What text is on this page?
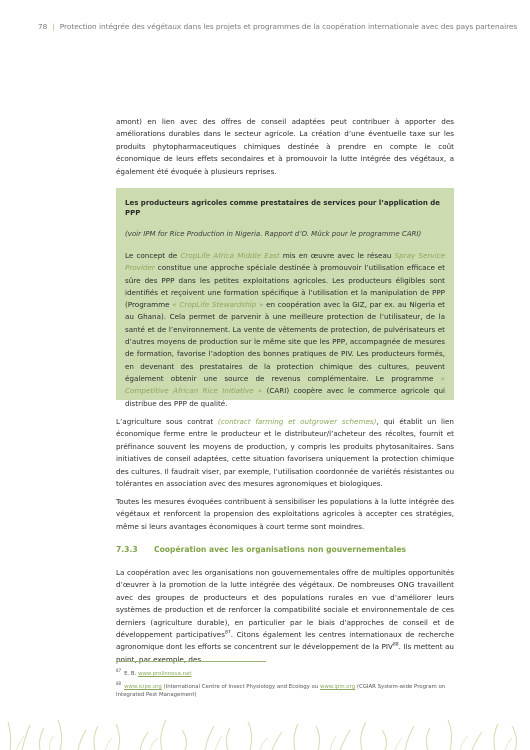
78 | Protection intégrée des végétaux dans les projets et programmes de la coopération internationale avec des pays partenaires

amont) en lien avec des offres de conseil adaptées peut contribuer à apporter des améliorations durables dans le secteur agricole. La création d’une éventuelle taxe sur les produits phytopharmaceutiques chimiques destinée à prendre en compte le coût économique de leurs effets secondaires et à promouvoir la lutte intégrée des végétaux, a également été évoquée à plusieurs reprises.

Les producteurs agricoles comme prestataires de services pour l’application de PPP
(voir IPM for Rice Production in Nigeria. Rapport d’O. Mück pour le programme CARI)
Le concept de CropLife Africa Middle East mis en œuvre avec le réseau Spray Service Provider constitue une approche spéciale destinée à promouvoir l’utilisation efficace et sûre des PPP dans les petites exploitations agricoles. Les producteurs éligibles sont identifiés et reçoivent une formation spécifique à l’utilisation et la manipulation de PPP (Programme « CropLife Stewardship » en coopération avec la GIZ, par ex. au Nigeria et au Ghana). Cela permet de parvenir à une meilleure protection de l’utilisateur, de la santé et de l’environnement. La vente de vêtements de protection, de pulvérisateurs et d’autres moyens de production sur le même site que les PPP, accompagnée de mesures de formation, favorise l’adoption des bonnes pratiques de PIV. Les producteurs formés, en devenant des prestataires de la protection chimique des cultures, peuvent également obtenir une source de revenus complémentaire. Le programme « Competitive African Rice Initiative » (CARI) coopère avec le commerce agricole qui distribue des PPP de qualité.

L’agriculture sous contrat (contract farming et outgrower schemes), qui établit un lien économique ferme entre le producteur et le distributeur/l’acheteur des récoltes, fournit et préfinance souvent les moyens de production, y compris les produits phytosanitaires. Sans initiatives de conseil adaptées, cette situation favorisera uniquement la protection chimique des cultures. Il faudrait viser, par exemple, l’utilisation coordonnée de variétés résistantes ou tolérantes en association avec des mesures agronomiques et biologiques.

Toutes les mesures évoquées contribuent à sensibiliser les populations à la lutte intégrée des végétaux et renforcent la propension des exploitations agricoles à accepter ces stratégies, même si leurs avantages économiques à court terme sont moindres.

7.3.3 Coopération avec les organisations non gouvernementales

La coopération avec les organisations non gouvernementales offre de multiples opportunités d’œuvrer à la promotion de la lutte intégrée des végétaux. De nombreuses ONG travaillent avec des groupes de producteurs et des populations rurales en vue d’améliorer leurs systèmes de production et de renforcer la compatibilité sociale et environnementale de ces derniers (agriculture durable), en particulier par le biais d’approches de conseil et de développement participatives$^{87}$. Citons également les centres internationaux de recherche agronomique dont les efforts se concentrent sur le développement de la PIV$^{88}$. Ils mettent au point, par exemple, des

$^{87}$E. B. www.prolinnova.net
$^{88}$www.icipe.org (International Centre of Insect Physiology and Ecology ou www.ipm.org (CGIAR System-wide Program on Integrated Pest Management)
